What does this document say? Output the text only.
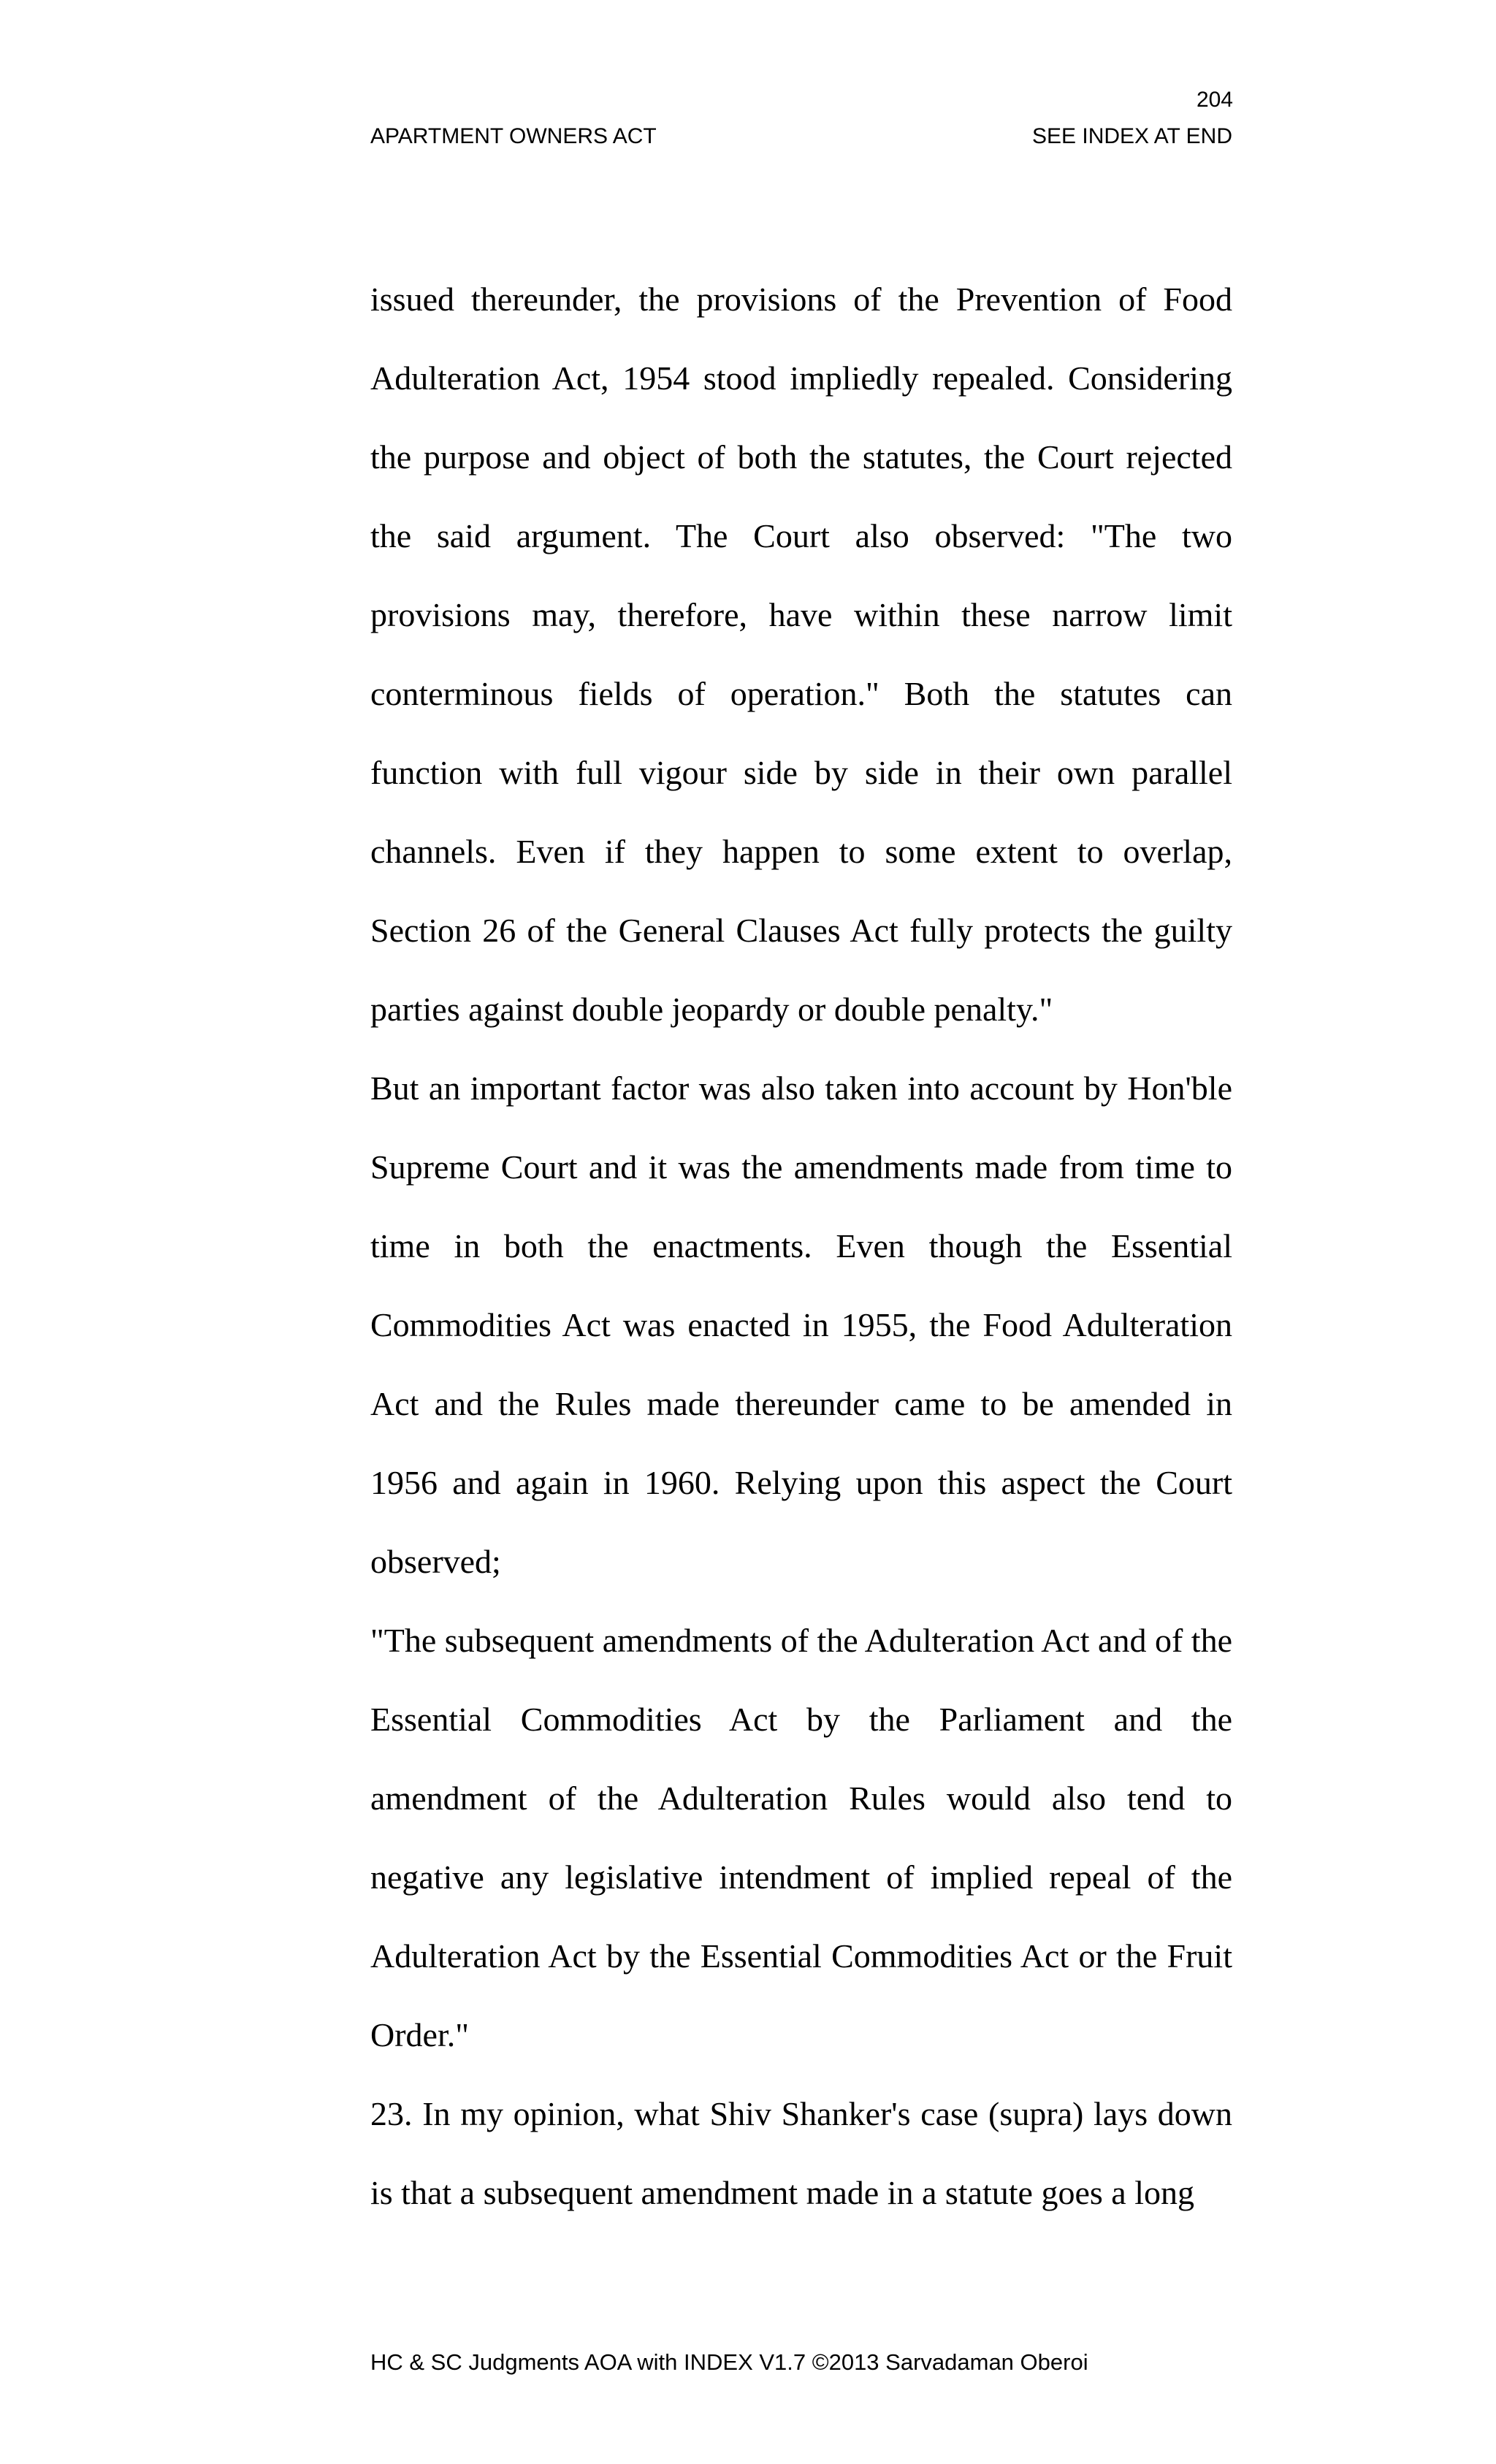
204
APARTMENT OWNERS ACT	SEE INDEX AT END

issued thereunder, the provisions of the Prevention of Food Adulteration Act, 1954 stood impliedly repealed. Considering the purpose and object of both the statutes, the Court rejected the said argument. The Court also observed: "The two provisions may, therefore, have within these narrow limit conterminous fields of operation." Both the statutes can function with full vigour side by side in their own parallel channels. Even if they happen to some extent to overlap, Section 26 of the General Clauses Act fully protects the guilty parties against double jeopardy or double penalty."

But an important factor was also taken into account by Hon'ble Supreme Court and it was the amendments made from time to time in both the enactments. Even though the Essential Commodities Act was enacted in 1955, the Food Adulteration Act and the Rules made thereunder came to be amended in 1956 and again in 1960. Relying upon this aspect the Court observed;

"The subsequent amendments of the Adulteration Act and of the Essential Commodities Act by the Parliament and the amendment of the Adulteration Rules would also tend to negative any legislative intendment of implied repeal of the Adulteration Act by the Essential Commodities Act or the Fruit Order."

23. In my opinion, what Shiv Shanker's case (supra) lays down is that a subsequent amendment made in a statute goes a long

HC & SC Judgments AOA with INDEX V1.7 ©2013 Sarvadaman Oberoi
